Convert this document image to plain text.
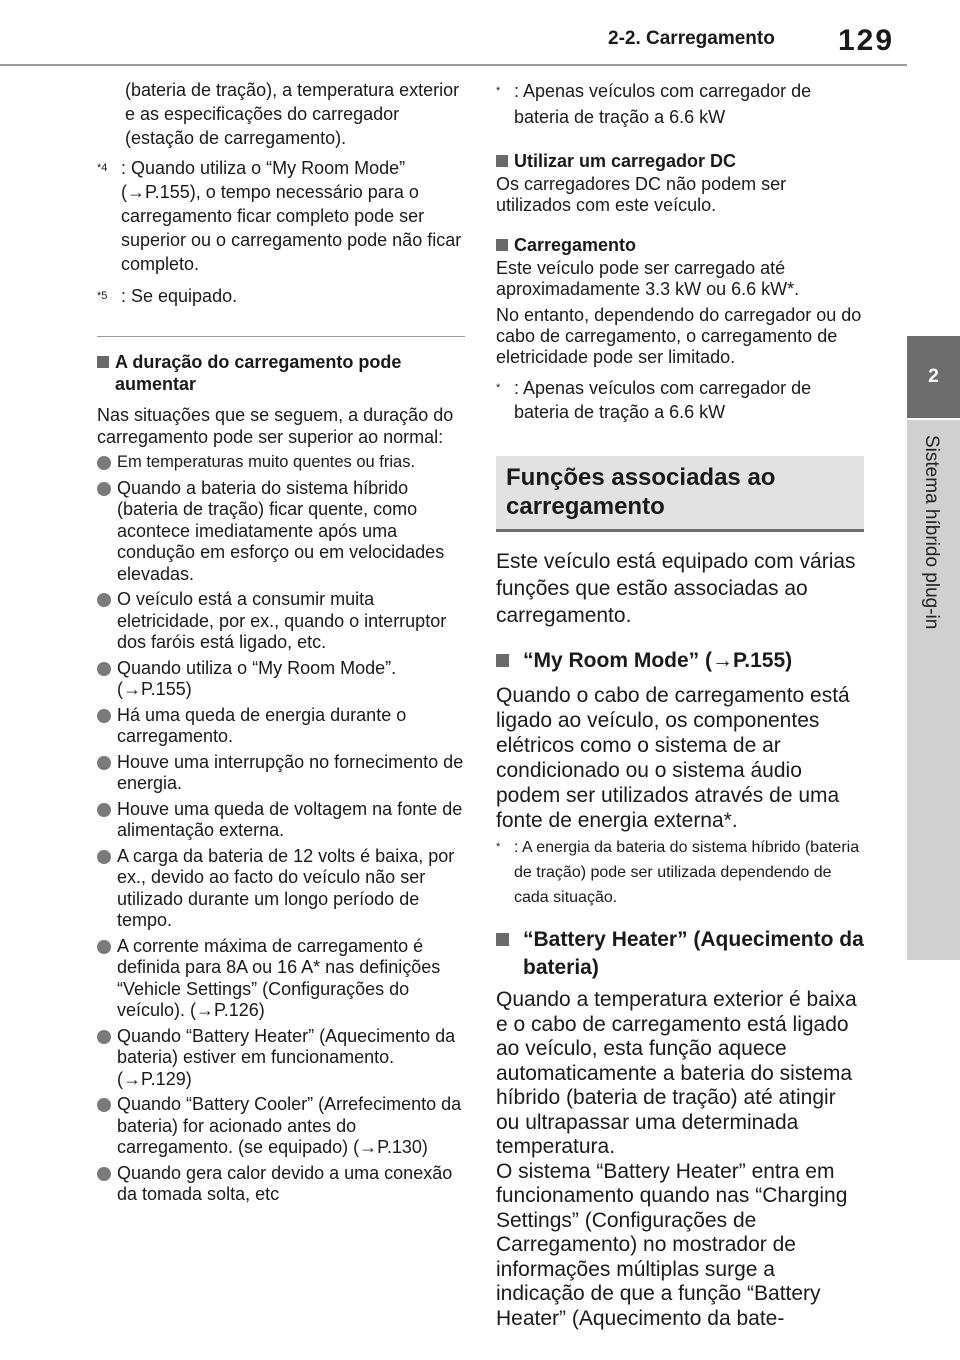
2-2. Carregamento 129
2
Sistema híbrido plug-in

(bateria de tração), a temperatura exterior e as especificações do carregador (estação de carregamento).

$^{*4}$ : Quando utiliza o “My Room Mode” (→P.155), o tempo necessário para o carregamento ficar completo pode ser superior ou o carregamento pode não ficar completo.
$^{*5}$ : Se equipado.
A duração do carregamento pode aumentar

Nas situações que se seguem, a duração do carregamento pode ser superior ao normal:

Em temperaturas muito quentes ou frias.
Quando a bateria do sistema híbrido (bateria de tração) ficar quente, como acontece imediatamente após uma condução em esforço ou em velocidades elevadas.
O veículo está a consumir muita eletricidade, por ex., quando o interruptor dos faróis está ligado, etc.
Quando utiliza o “My Room Mode”. (→P.155)
Há uma queda de energia durante o carregamento.
Houve uma interrupção no fornecimento de energia.
Houve uma queda de voltagem na fonte de alimentação externa.
A carga da bateria de 12 volts é baixa, por ex., devido ao facto do veículo não ser utilizado durante um longo período de tempo.
A corrente máxima de carregamento é definida para 8A ou 16 A* nas definições “Vehicle Settings” (Configurações do veículo). (→P.126)
Quando “Battery Heater” (Aquecimento da bateria) estiver em funcionamento. (→P.129)
Quando “Battery Cooler” (Arrefecimento da bateria) for acionado antes do carregamento. (se equipado) (→P.130)
Quando gera calor devido a uma conexão da tomada solta, etc
* : Apenas veículos com carregador de bateria de tração a 6.6 kW
Utilizar um carregador DC

Os carregadores DC não podem ser utilizados com este veículo.

Carregamento

Este veículo pode ser carregado até aproximadamente 3.3 kW ou 6.6 kW*.

No entanto, dependendo do carregador ou do cabo de carregamento, o carregamento de eletricidade pode ser limitado.

* : Apenas veículos com carregador de bateria de tração a 6.6 kW
Funções associadas ao carregamento

Este veículo está equipado com várias funções que estão associadas ao carregamento.

“My Room Mode” (→P.155)

Quando o cabo de carregamento está ligado ao veículo, os componentes elétricos como o sistema de ar condicionado ou o sistema áudio podem ser utilizados através de uma fonte de energia externa*.

* : A energia da bateria do sistema híbrido (bateria de tração) pode ser utilizada dependendo de cada situação.
“Battery Heater” (Aquecimento da bateria)

Quando a temperatura exterior é baixa e o cabo de carregamento está ligado ao veículo, esta função aquece automaticamente a bateria do sistema híbrido (bateria de tração) até atingir ou ultrapassar uma determinada temperatura.

O sistema “Battery Heater” entra em funcionamento quando nas “Charging Settings” (Configurações de Carregamento) no mostrador de informações múltiplas surge a indicação de que a função “Battery Heater” (Aquecimento da bate-
